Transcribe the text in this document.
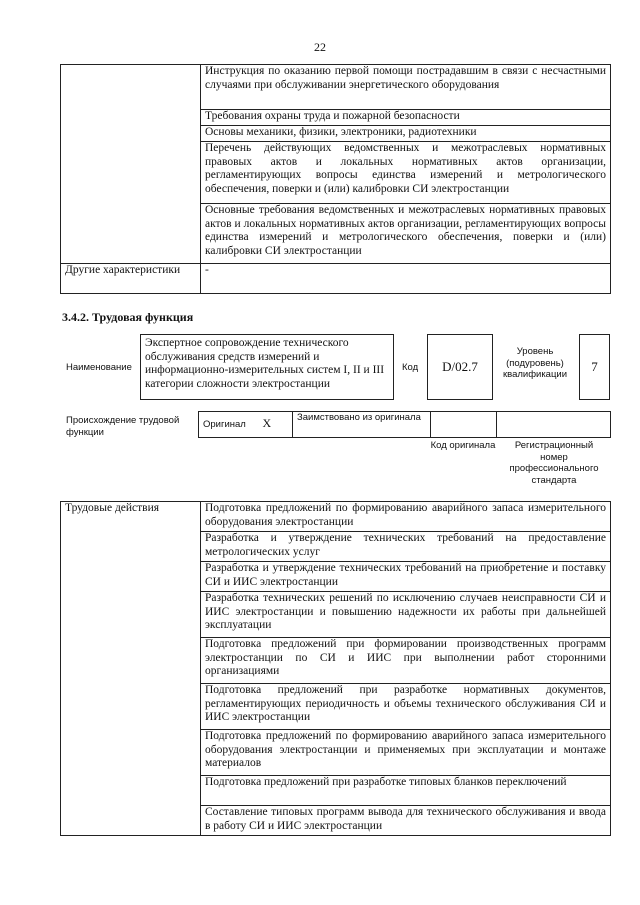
22
	Инструкция по оказанию первой помощи пострадавшим в связи с несчастными случаями при обслуживании энергетического оборудования
	Требования охраны труда и пожарной безопасности
	Основы механики, физики, электроники, радиотехники
	Перечень действующих ведомственных и межотраслевых нормативных правовых актов и локальных нормативных актов организации, регламентирующих вопросы единства измерений и метрологического обеспечения, поверки и (или) калибровки СИ электростанции
	Основные требования ведомственных и межотраслевых нормативных правовых актов и локальных нормативных актов организации, регламентирующих вопросы единства измерений и метрологического обеспечения, поверки и (или) калибровки СИ электростанции
Другие характеристики	-
3.4.2. Трудовая функция
Наименование
Экспертное сопровождение технического обслуживания средств измерений и информационно-измерительных систем I, II и III категории сложности электростанции
Код D/02.7
Уровень (подуровень) квалификации
7
Происхождение трудовой функции
Оригинал X	Заимствовано из оригинала		
Код оригинала	Регистрационный номер профессионального стандарта
Трудовые действия	Подготовка предложений по формированию аварийного запаса измерительного оборудования электростанции
Разработка и утверждение технических требований на предоставление метрологических услуг
Разработка и утверждение технических требований на приобретение и поставку СИ и ИИС электростанции
Разработка технических решений по исключению случаев неисправности СИ и ИИС электростанции и повышению надежности их работы при дальнейшей эксплуатации
Подготовка предложений при формировании производственных программ электростанции по СИ и ИИС при выполнении работ сторонними организациями
Подготовка предложений при разработке нормативных документов, регламентирующих периодичность и объемы технического обслуживания СИ и ИИС электростанции
Подготовка предложений по формированию аварийного запаса измерительного оборудования электростанции и применяемых при эксплуатации и монтаже материалов
Подготовка предложений при разработке типовых бланков переключений
Составление типовых программ вывода для технического обслуживания и ввода в работу СИ и ИИС электростанции
